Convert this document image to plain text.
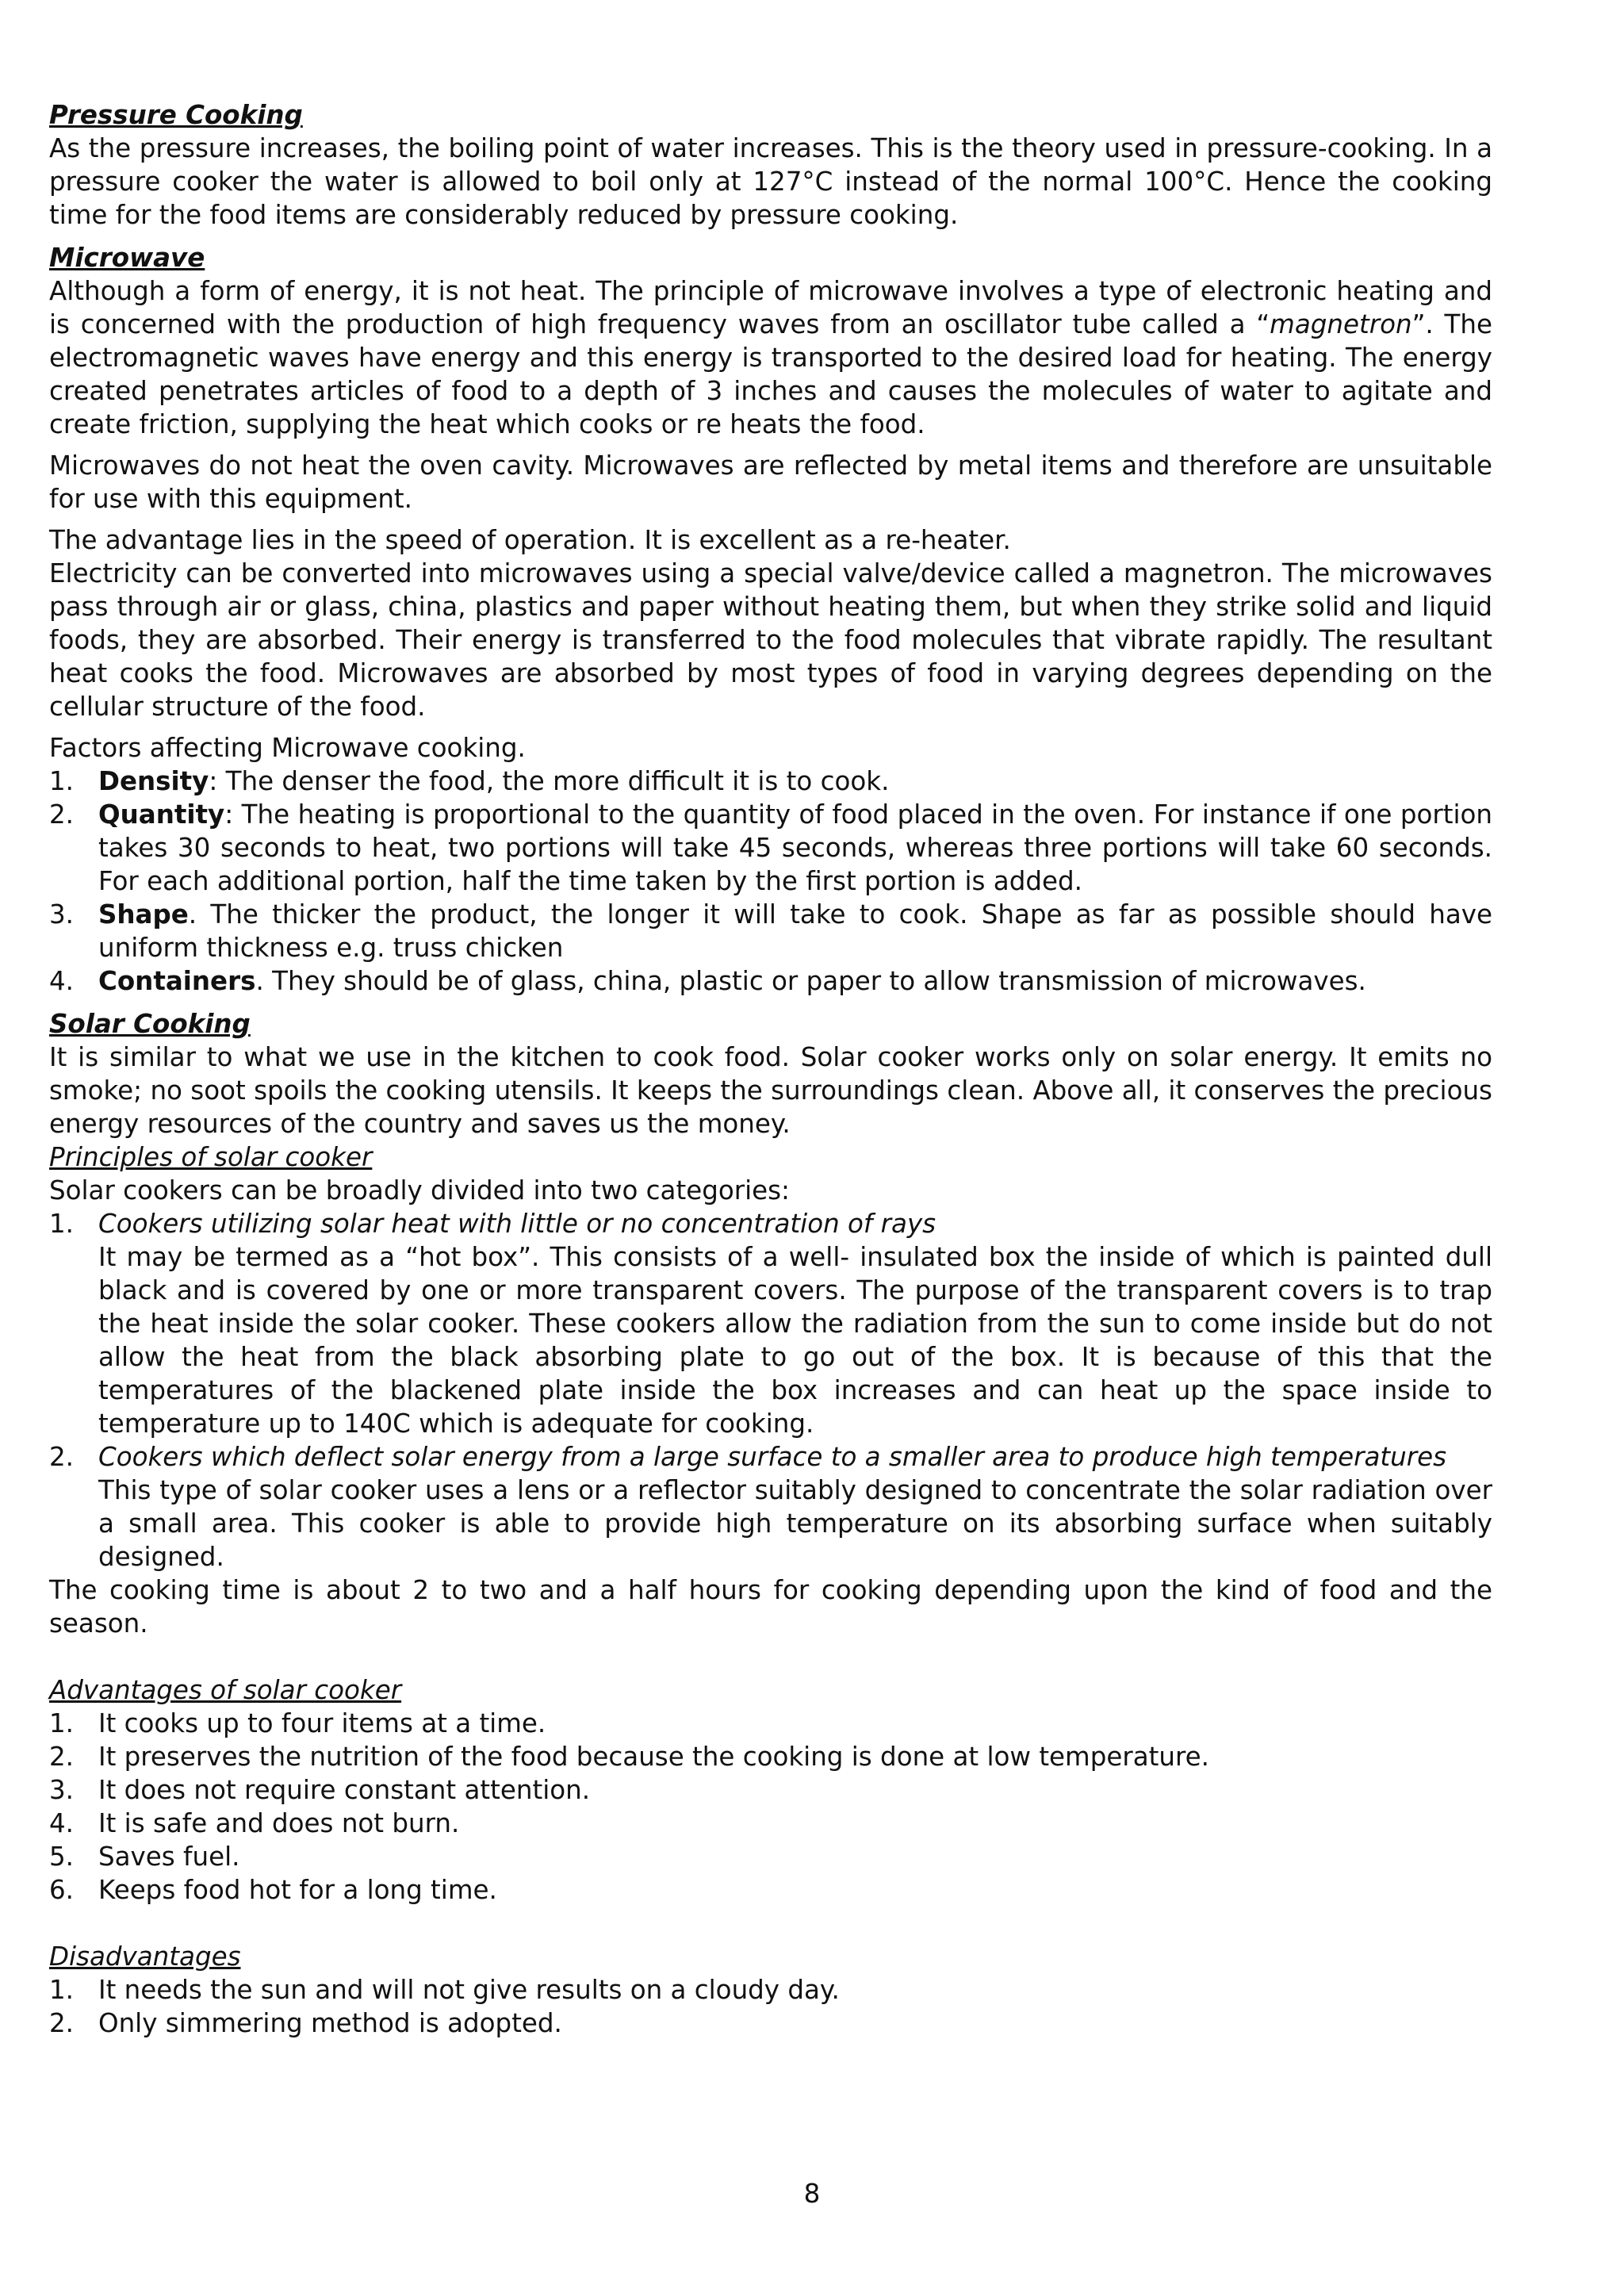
Pressure Cooking

As the pressure increases, the boiling point of water increases. This is the theory used in pressure-cooking. In a pressure cooker the water is allowed to boil only at 127°C instead of the normal 100°C. Hence the cooking time for the food items are considerably reduced by pressure cooking.

Microwave

Although a form of energy, it is not heat. The principle of microwave involves a type of electronic heating and is concerned with the production of high frequency waves from an oscillator tube called a “magnetron”. The electromagnetic waves have energy and this energy is transported to the desired load for heating. The energy created penetrates articles of food to a depth of 3 inches and causes the molecules of water to agitate and create friction, supplying the heat which cooks or re heats the food.

Microwaves do not heat the oven cavity. Microwaves are reflected by metal items and therefore are unsuitable for use with this equipment.

The advantage lies in the speed of operation. It is excellent as a re-heater.

Electricity can be converted into microwaves using a special valve/device called a magnetron. The microwaves pass through air or glass, china, plastics and paper without heating them, but when they strike solid and liquid foods, they are absorbed. Their energy is transferred to the food molecules that vibrate rapidly. The resultant heat cooks the food. Microwaves are absorbed by most types of food in varying degrees depending on the cellular structure of the food.

Factors affecting Microwave cooking.

1. Density: The denser the food, the more difficult it is to cook.
2. Quantity: The heating is proportional to the quantity of food placed in the oven. For instance if one portion takes 30 seconds to heat, two portions will take 45 seconds, whereas three portions will take 60 seconds. For each additional portion, half the time taken by the first portion is added.
3. Shape. The thicker the product, the longer it will take to cook. Shape as far as possible should have uniform thickness e.g. truss chicken
4. Containers. They should be of glass, china, plastic or paper to allow transmission of microwaves.
Solar Cooking

It is similar to what we use in the kitchen to cook food. Solar cooker works only on solar energy. It emits no smoke; no soot spoils the cooking utensils. It keeps the surroundings clean. Above all, it conserves the precious energy resources of the country and saves us the money.

Principles of solar cooker

Solar cookers can be broadly divided into two categories:

1. Cookers utilizing solar heat with little or no concentration of rays
It may be termed as a “hot box”. This consists of a well- insulated box the inside of which is painted dull black and is covered by one or more transparent covers. The purpose of the transparent covers is to trap the heat inside the solar cooker. These cookers allow the radiation from the sun to come inside but do not allow the heat from the black absorbing plate to go out of the box. It is because of this that the temperatures of the blackened plate inside the box increases and can heat up the space inside to temperature up to 140C which is adequate for cooking.
2. Cookers which deflect solar energy from a large surface to a smaller area to produce high temperatures
This type of solar cooker uses a lens or a reflector suitably designed to concentrate the solar radiation over a small area. This cooker is able to provide high temperature on its absorbing surface when suitably designed.

The cooking time is about 2 to two and a half hours for cooking depending upon the kind of food and the season.

Advantages of solar cooker
1. It cooks up to four items at a time.
2. It preserves the nutrition of the food because the cooking is done at low temperature.
3. It does not require constant attention.
4. It is safe and does not burn.
5. Saves fuel.
6. Keeps food hot for a long time.
Disadvantages
1. It needs the sun and will not give results on a cloudy day.
2. Only simmering method is adopted.
8
